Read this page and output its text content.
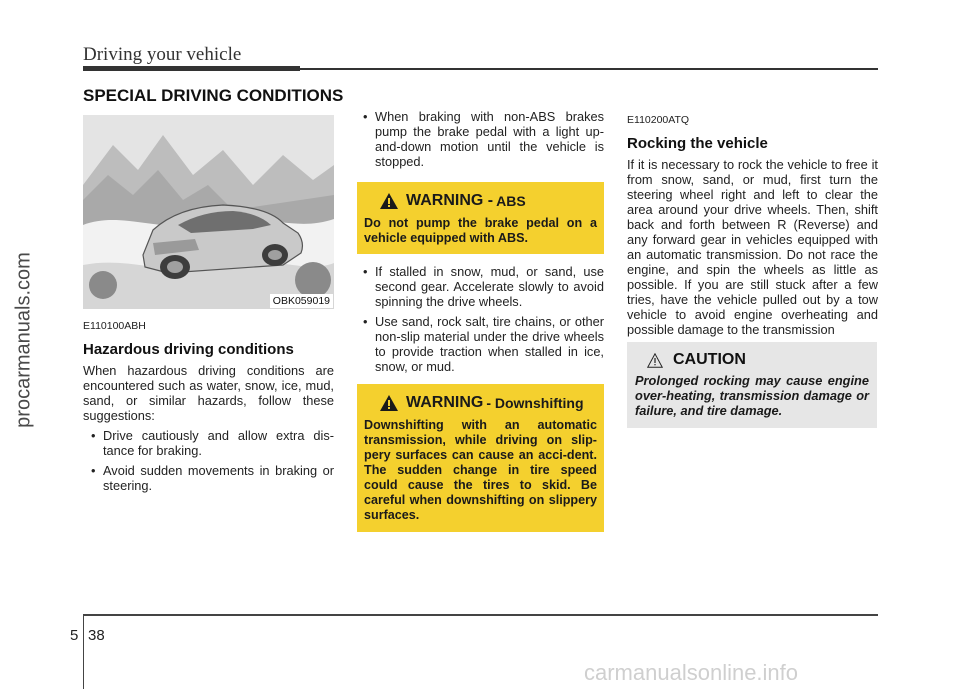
Driving your vehicle
procarmanuals.com
SPECIAL DRIVING CONDITIONS
OBK059019

E110100ABH

Hazardous driving conditions

When hazardous driving conditions are encountered such as water, snow, ice, mud, sand, or similar hazards, follow these suggestions:

• Drive cautiously and allow extra dis-tance for braking.
• Avoid sudden movements in braking or steering.
• When braking with non-ABS brakes pump the brake pedal with a light up-and-down motion until the vehicle is stopped.
WARNING - ABS
Do not pump the brake pedal on a vehicle equipped with ABS.
• If stalled in snow, mud, or sand, use second gear. Accelerate slowly to avoid spinning the drive wheels.
• Use sand, rock salt, tire chains, or other non-slip material under the drive wheels to provide traction when stalled in ice, snow, or mud.
WARNING - Downshifting
Downshifting with an automatic transmission, while driving on slip-pery surfaces can cause an acci-dent. The sudden change in tire speed could cause the tires to skid. Be careful when downshifting on slippery surfaces.

E110200ATQ

Rocking the vehicle

If it is necessary to rock the vehicle to free it from snow, sand, or mud, first turn the steering wheel right and left to clear the area around your drive wheels. Then, shift back and forth between R (Reverse) and any forward gear in vehicles equipped with an automatic transmission. Do not race the engine, and spin the wheels as little as possible. If you are still stuck after a few tries, have the vehicle pulled out by a tow vehicle to avoid engine overheating and possible damage to the transmission

CAUTION
Prolonged rocking may cause engine over-heating, transmission damage or failure, and tire damage.
5 38
carmanualsonline.info
